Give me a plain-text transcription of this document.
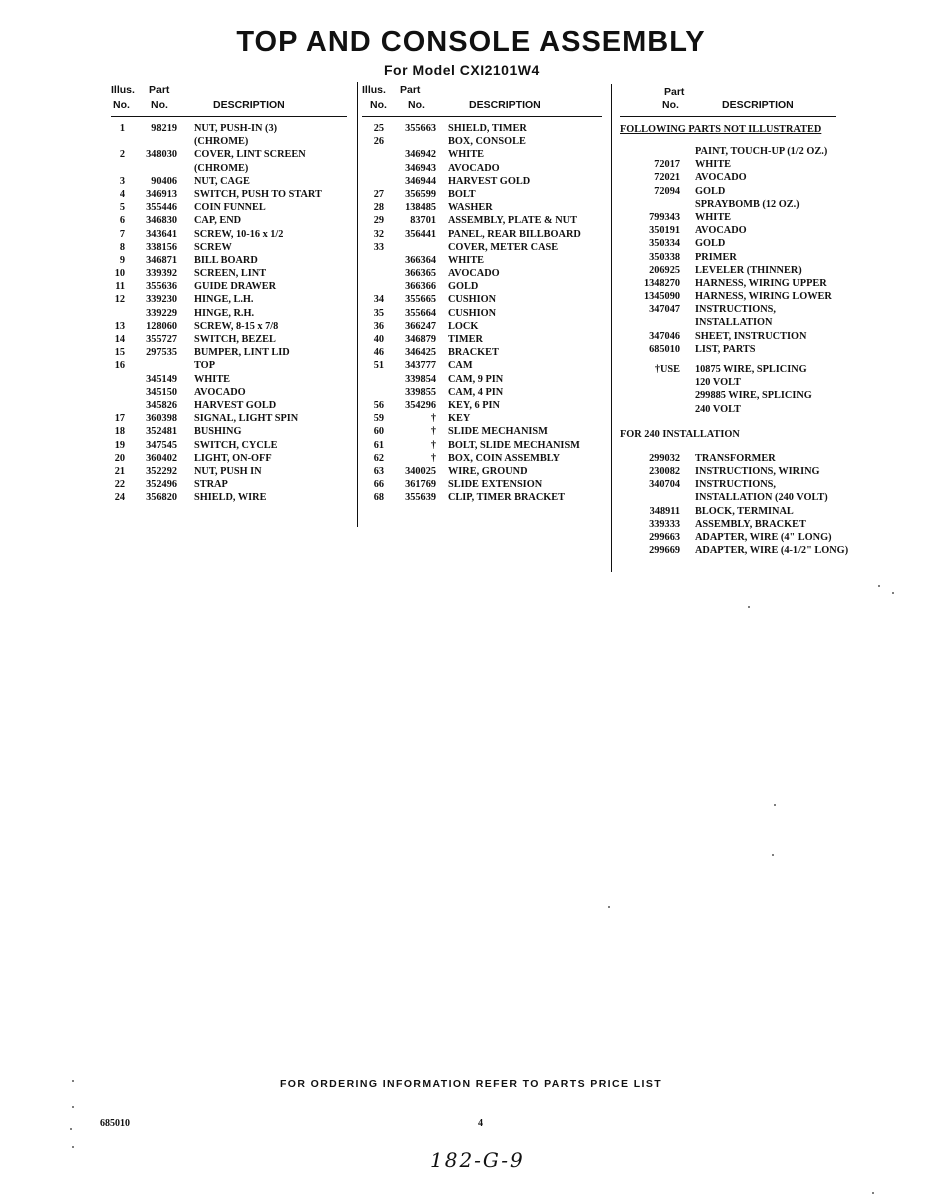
TOP AND CONSOLE ASSEMBLY
For Model CXI2101W4
Illus. Part
No. No.	DESCRIPTION
1	98219 NUT, PUSH-IN (3)
(CHROME)
2	348030 COVER, LINT SCREEN
(CHROME)
3	90406 NUT, CAGE
4	346913 SWITCH, PUSH TO START
5	355446 COIN FUNNEL
6	346830 CAP, END
7	343641 SCREW, 10-16 x 1/2
8	338156 SCREW
9	346871 BILL BOARD
10	339392 SCREEN, LINT
11	355636 GUIDE DRAWER
12	339230 HINGE, L.H.
339229 HINGE, R.H.
13	128060 SCREW, 8-15 x 7/8
14	355727 SWITCH, BEZEL
15	297535 BUMPER, LINT LID
16	TOP
345149 WHITE
345150 AVOCADO
345826 HARVEST GOLD
17	360398 SIGNAL, LIGHT SPIN
18	352481 BUSHING
19	347545 SWITCH, CYCLE
20	360402 LIGHT, ON-OFF
21	352292 NUT, PUSH IN
22	352496 STRAP
24	356820 SHIELD, WIRE
Illus. Part
No. No.	DESCRIPTION
25	355663 SHIELD, TIMER
26	BOX, CONSOLE
346942 WHITE
346943 AVOCADO
346944 HARVEST GOLD
27	356599 BOLT
28	138485 WASHER
29	83701 ASSEMBLY, PLATE & NUT
32	356441 PANEL, REAR BILLBOARD
33	COVER, METER CASE
366364 WHITE
366365 AVOCADO
366366 GOLD
34	355665 CUSHION
35	355664 CUSHION
36	366247 LOCK
40	346879 TIMER
46	346425 BRACKET
51	343777 CAM
339854 CAM, 9 PIN
339855 CAM, 4 PIN
56	354296 KEY, 6 PIN
59	† KEY
60	† SLIDE MECHANISM
61	† BOLT, SLIDE MECHANISM
62	† BOX, COIN ASSEMBLY
63	340025 WIRE, GROUND
66	361769 SLIDE EXTENSION
68	355639 CLIP, TIMER BRACKET
Part
No.	DESCRIPTION
FOLLOWING PARTS NOT ILLUSTRATED
PAINT, TOUCH-UP (1/2 OZ.)
72017 WHITE
72021 AVOCADO
72094 GOLD
SPRAYBOMB (12 OZ.)
799343 WHITE
350191 AVOCADO
350334 GOLD
350338 PRIMER
206925 LEVELER (THINNER)
1348270 HARNESS, WIRING UPPER
1345090 HARNESS, WIRING LOWER
347047 INSTRUCTIONS,
INSTALLATION
347046 SHEET, INSTRUCTION
685010 LIST, PARTS
†USE 10875 WIRE, SPLICING
120 VOLT
299885 WIRE, SPLICING
240 VOLT
FOR 240 INSTALLATION
299032 TRANSFORMER
230082 INSTRUCTIONS, WIRING
340704 INSTRUCTIONS,
INSTALLATION (240 VOLT)
348911 BLOCK, TERMINAL
339333 ASSEMBLY, BRACKET
299663 ADAPTER, WIRE (4" LONG)
299669 ADAPTER, WIRE (4-1/2" LONG)
FOR ORDERING INFORMATION REFER TO PARTS PRICE LIST
685010	4
182-G-9
